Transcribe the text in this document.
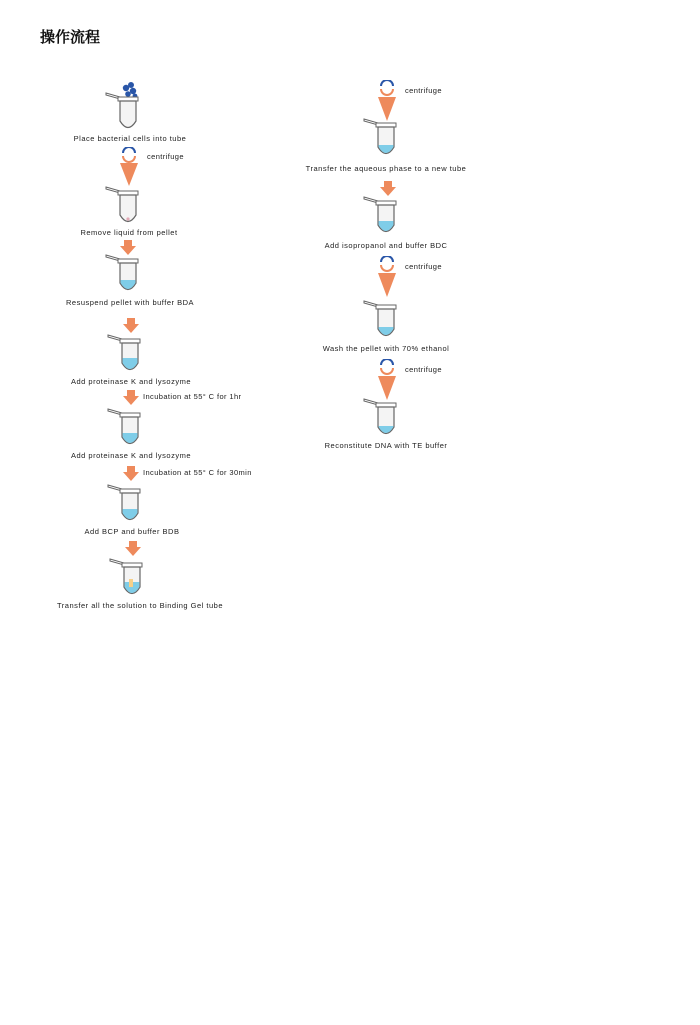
操作流程
Place bacterial cells into tube
centrifuge
Remove liquid from pellet
Resuspend pellet with buffer BDA
Add proteinase K and lysozyme
Incubation at 55° C for 1hr
Add proteinase K and lysozyme
Incubation at 55° C for 30min
Add BCP and buffer BDB
Transfer all the solution to Binding Gel tube
centrifuge
Transfer the aqueous phase to a new tube
Add isopropanol and buffer BDC
centrifuge
Wash the pellet with 70% ethanol
centrifuge
Reconstitute DNA with TE buffer
